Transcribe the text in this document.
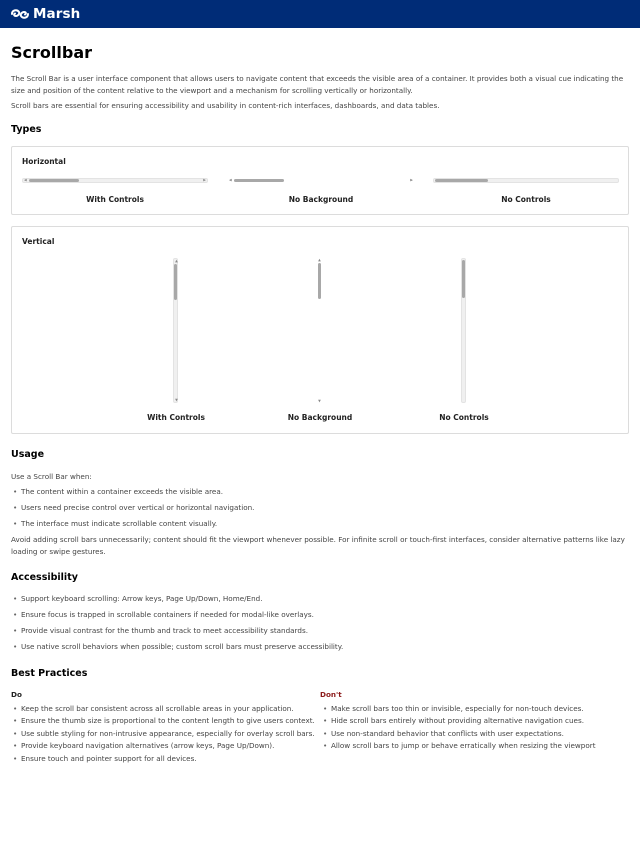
Marsh
Scrollbar

The Scroll Bar is a user interface component that allows users to navigate content that exceeds the visible area of a container. It provides both a visual cue indicating the size and position of the content relative to the viewport and a mechanism for scrolling vertically or horizontally.

Scroll bars are essential for ensuring accessibility and usability in content-rich interfaces, dashboards, and data tables.

Types
Horizontal
◀	▶
With Controls
◀	▶
No Background	No Controls
Vertical
▲
▼
With Controls
▲
▼
No Background	No Controls
Usage
Use a Scroll Bar when:
• The content within a container exceeds the visible area.
• Users need precise control over vertical or horizontal navigation.
• The interface must indicate scrollable content visually.
Avoid adding scroll bars unnecessarily; content should fit the viewport whenever possible. For infinite scroll or touch-first interfaces, consider alternative patterns like lazy loading or swipe gestures.
Accessibility
• Support keyboard scrolling: Arrow keys, Page Up/Down, Home/End.
• Ensure focus is trapped in scrollable containers if needed for modal-like overlays.
• Provide visual contrast for the thumb and track to meet accessibility standards.
• Use native scroll behaviors when possible; custom scroll bars must preserve accessibility.
Best Practices
Do
• Keep the scroll bar consistent across all scrollable areas in your application.
• Ensure the thumb size is proportional to the content length to give users context.
• Use subtle styling for non-intrusive appearance, especially for overlay scroll bars.
• Provide keyboard navigation alternatives (arrow keys, Page Up/Down).
• Ensure touch and pointer support for all devices.
Don't
• Make scroll bars too thin or invisible, especially for non-touch devices.
• Hide scroll bars entirely without providing alternative navigation cues.
• Use non-standard behavior that conflicts with user expectations.
• Allow scroll bars to jump or behave erratically when resizing the viewport
